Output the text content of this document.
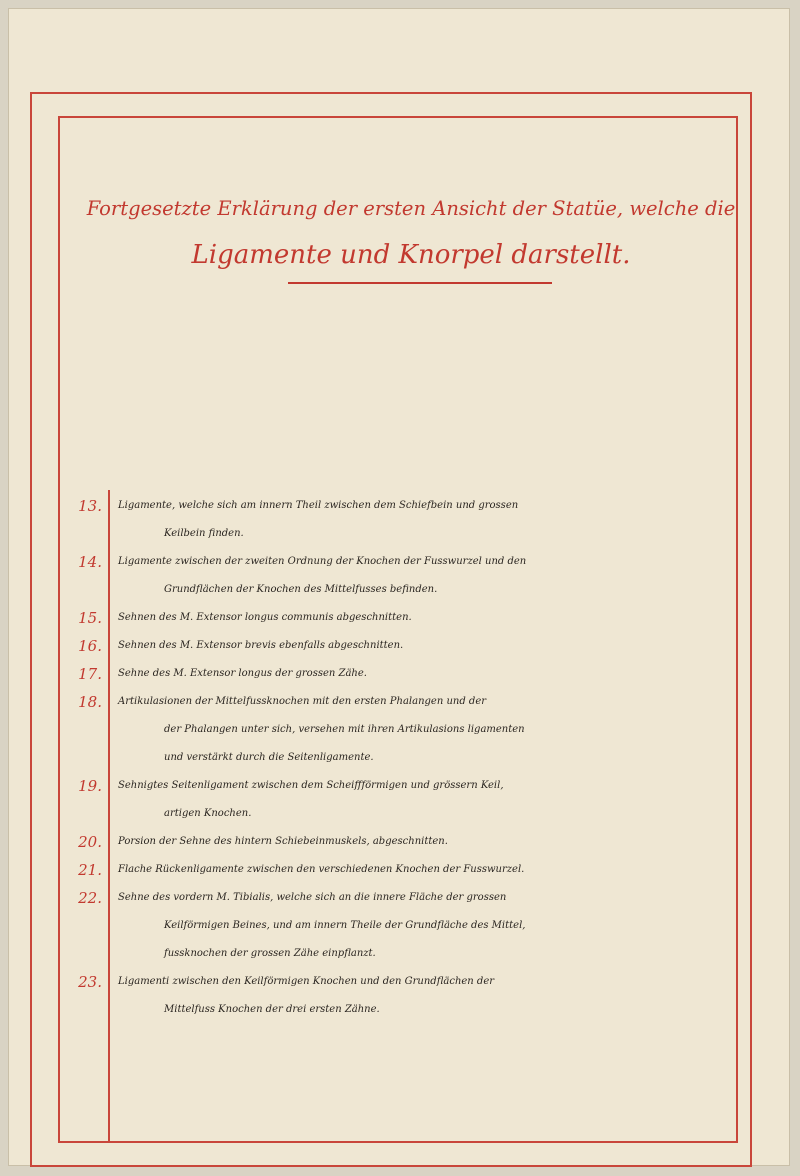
Fortgesetzte Erklärung der ersten Ansicht der Statüe, welche die
Ligamente und Knorpel darstellt.
13.	Ligamente, welche sich am innern Theil zwischen dem Schiefbein und grossen
Keilbein finden.
14.	Ligamente zwischen der zweiten Ordnung der Knochen der Fusswurzel und den
Grundflächen der Knochen des Mittelfusses befinden.
15.	Sehnen des M. Extensor longus communis abgeschnitten.
16.	Sehnen des M. Extensor brevis ebenfalls abgeschnitten.
17.	Sehne des M. Extensor longus der grossen Zähe.
18.	Artikulasionen der Mittelfussknochen mit den ersten Phalangen und der
der Phalangen unter sich, versehen mit ihren Artikulasions ligamenten
und verstärkt durch die Seitenligamente.
19.	Sehnigtes Seitenligament zwischen dem Scheiffförmigen und grössern Keil,
artigen Knochen.
20.	Porsion der Sehne des hintern Schiebeinmuskels, abgeschnitten.
21.	Flache Rückenligamente zwischen den verschiedenen Knochen der Fusswurzel.
22.	Sehne des vordern M. Tibialis, welche sich an die innere Fläche der grossen
Keilförmigen Beines, und am innern Theile der Grundfläche des Mittel,
fussknochen der grossen Zähe einpflanzt.
23.	Ligamenti zwischen den Keilförmigen Knochen und den Grundflächen der
Mittelfuss Knochen der drei ersten Zähne.
